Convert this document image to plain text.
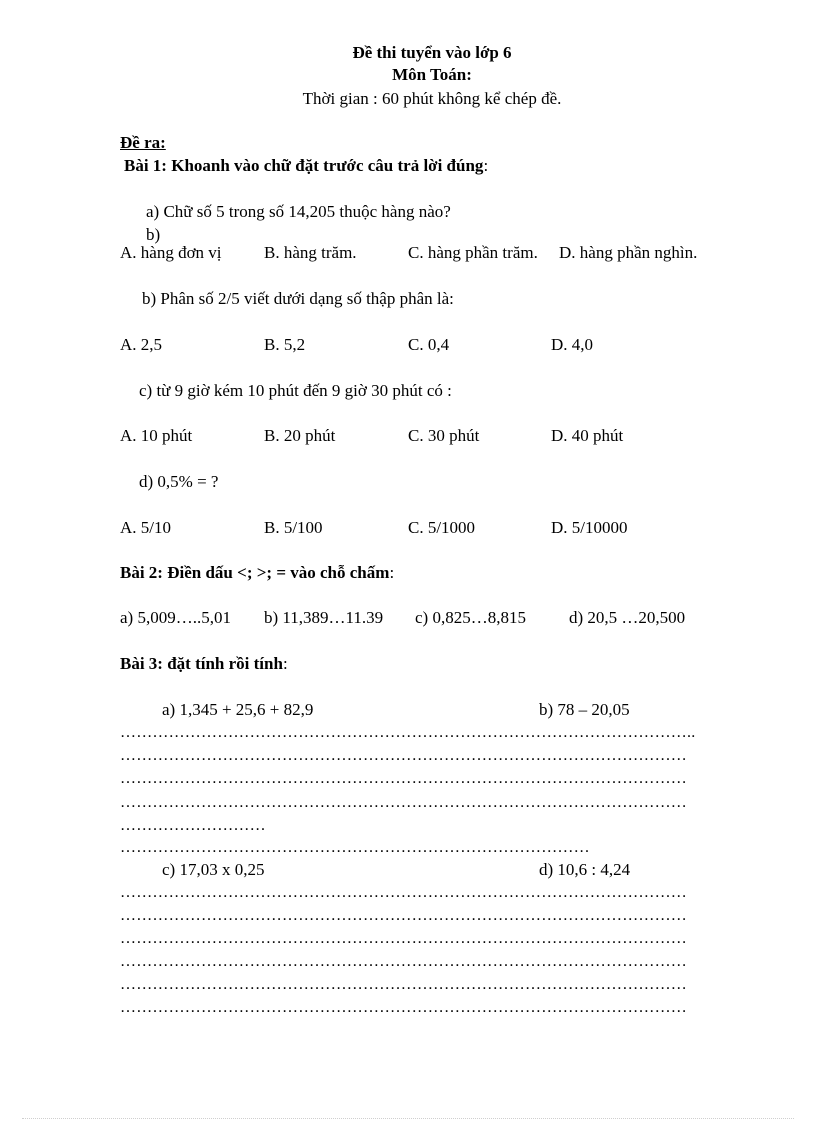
Đề thi tuyển vào lớp 6
Môn Toán:
Thời gian : 60 phút không kể chép đề.
Đề ra:
Bài 1: Khoanh vào chữ đặt trước câu trả lời đúng:
a) Chữ số 5 trong số 14,205 thuộc hàng nào?
b)
A. hàng đơn vị B. hàng trăm.	C. hàng phần trăm. D. hàng phần nghìn.
b) Phân số 2/5 viết dưới dạng số thập phân là:
A. 2,5	B. 5,2	C. 0,4	D. 4,0
c) từ 9 giờ kém 10 phút đến 9 giờ 30 phút có :
A. 10 phút	B. 20 phút	C. 30 phút	D. 40 phút
d) 0,5% = ?
A. 5/10	B. 5/100	C. 5/1000	D. 5/10000
Bài 2: Điền dấu <; >; = vào chỗ chấm:
a) 5,009…..5,01 b) 11,389…11.39 c) 0,825…8,815	d) 20,5 …20,500
Bài 3: đặt tính rồi tính:
a) 1,345 + 25,6 + 82,9	b) 78 – 20,05
……………………………………………………………………………………………..
……………………………………………………………………………………………
……………………………………………………………………………………………
……………………………………………………………………………………………
………………………
……………………………………………………………………………
c) 17,03 x 0,25	d) 10,6 : 4,24
……………………………………………………………………………………………
……………………………………………………………………………………………
……………………………………………………………………………………………
……………………………………………………………………………………………
……………………………………………………………………………………………
……………………………………………………………………………………………
